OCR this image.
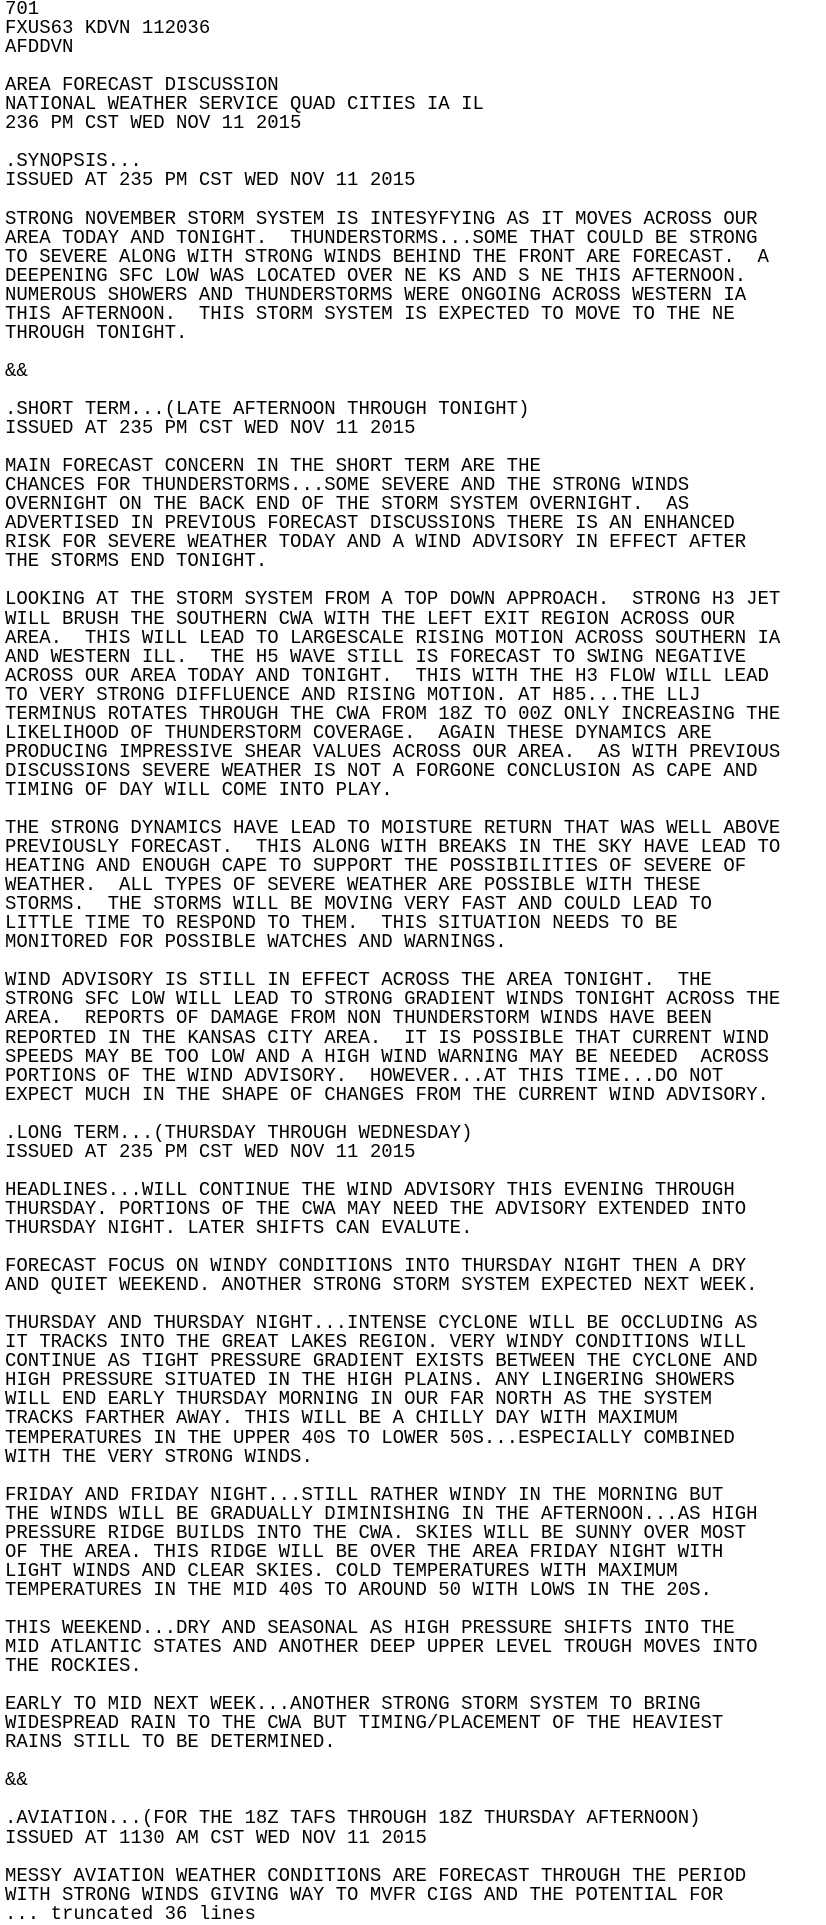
701
FXUS63 KDVN 112036
AFDDVN

AREA FORECAST DISCUSSION
NATIONAL WEATHER SERVICE QUAD CITIES IA IL
236 PM CST WED NOV 11 2015

.SYNOPSIS...
ISSUED AT 235 PM CST WED NOV 11 2015

STRONG NOVEMBER STORM SYSTEM IS INTESYFYING AS IT MOVES ACROSS OUR
AREA TODAY AND TONIGHT.  THUNDERSTORMS...SOME THAT COULD BE STRONG
TO SEVERE ALONG WITH STRONG WINDS BEHIND THE FRONT ARE FORECAST.  A
DEEPENING SFC LOW WAS LOCATED OVER NE KS AND S NE THIS AFTERNOON.
NUMEROUS SHOWERS AND THUNDERSTORMS WERE ONGOING ACROSS WESTERN IA
THIS AFTERNOON.  THIS STORM SYSTEM IS EXPECTED TO MOVE TO THE NE
THROUGH TONIGHT.

&&

.SHORT TERM...(LATE AFTERNOON THROUGH TONIGHT)
ISSUED AT 235 PM CST WED NOV 11 2015

MAIN FORECAST CONCERN IN THE SHORT TERM ARE THE
CHANCES FOR THUNDERSTORMS...SOME SEVERE AND THE STRONG WINDS
OVERNIGHT ON THE BACK END OF THE STORM SYSTEM OVERNIGHT.  AS
ADVERTISED IN PREVIOUS FORECAST DISCUSSIONS THERE IS AN ENHANCED
RISK FOR SEVERE WEATHER TODAY AND A WIND ADVISORY IN EFFECT AFTER
THE STORMS END TONIGHT.

LOOKING AT THE STORM SYSTEM FROM A TOP DOWN APPROACH.  STRONG H3 JET
WILL BRUSH THE SOUTHERN CWA WITH THE LEFT EXIT REGION ACROSS OUR
AREA.  THIS WILL LEAD TO LARGESCALE RISING MOTION ACROSS SOUTHERN IA
AND WESTERN ILL.  THE H5 WAVE STILL IS FORECAST TO SWING NEGATIVE
ACROSS OUR AREA TODAY AND TONIGHT.  THIS WITH THE H3 FLOW WILL LEAD
TO VERY STRONG DIFFLUENCE AND RISING MOTION. AT H85...THE LLJ
TERMINUS ROTATES THROUGH THE CWA FROM 18Z TO 00Z ONLY INCREASING THE
LIKELIHOOD OF THUNDERSTORM COVERAGE.  AGAIN THESE DYNAMICS ARE
PRODUCING IMPRESSIVE SHEAR VALUES ACROSS OUR AREA.  AS WITH PREVIOUS
DISCUSSIONS SEVERE WEATHER IS NOT A FORGONE CONCLUSION AS CAPE AND
TIMING OF DAY WILL COME INTO PLAY.

THE STRONG DYNAMICS HAVE LEAD TO MOISTURE RETURN THAT WAS WELL ABOVE
PREVIOUSLY FORECAST.  THIS ALONG WITH BREAKS IN THE SKY HAVE LEAD TO
HEATING AND ENOUGH CAPE TO SUPPORT THE POSSIBILITIES OF SEVERE OF
WEATHER.  ALL TYPES OF SEVERE WEATHER ARE POSSIBLE WITH THESE
STORMS.  THE STORMS WILL BE MOVING VERY FAST AND COULD LEAD TO
LITTLE TIME TO RESPOND TO THEM.  THIS SITUATION NEEDS TO BE
MONITORED FOR POSSIBLE WATCHES AND WARNINGS.

WIND ADVISORY IS STILL IN EFFECT ACROSS THE AREA TONIGHT.  THE
STRONG SFC LOW WILL LEAD TO STRONG GRADIENT WINDS TONIGHT ACROSS THE
AREA.  REPORTS OF DAMAGE FROM NON THUNDERSTORM WINDS HAVE BEEN
REPORTED IN THE KANSAS CITY AREA.  IT IS POSSIBLE THAT CURRENT WIND
SPEEDS MAY BE TOO LOW AND A HIGH WIND WARNING MAY BE NEEDED  ACROSS
PORTIONS OF THE WIND ADVISORY.  HOWEVER...AT THIS TIME...DO NOT
EXPECT MUCH IN THE SHAPE OF CHANGES FROM THE CURRENT WIND ADVISORY.

.LONG TERM...(THURSDAY THROUGH WEDNESDAY)
ISSUED AT 235 PM CST WED NOV 11 2015

HEADLINES...WILL CONTINUE THE WIND ADVISORY THIS EVENING THROUGH
THURSDAY. PORTIONS OF THE CWA MAY NEED THE ADVISORY EXTENDED INTO
THURSDAY NIGHT. LATER SHIFTS CAN EVALUTE.

FORECAST FOCUS ON WINDY CONDITIONS INTO THURSDAY NIGHT THEN A DRY
AND QUIET WEEKEND. ANOTHER STRONG STORM SYSTEM EXPECTED NEXT WEEK.

THURSDAY AND THURSDAY NIGHT...INTENSE CYCLONE WILL BE OCCLUDING AS
IT TRACKS INTO THE GREAT LAKES REGION. VERY WINDY CONDITIONS WILL
CONTINUE AS TIGHT PRESSURE GRADIENT EXISTS BETWEEN THE CYCLONE AND
HIGH PRESSURE SITUATED IN THE HIGH PLAINS. ANY LINGERING SHOWERS
WILL END EARLY THURSDAY MORNING IN OUR FAR NORTH AS THE SYSTEM
TRACKS FARTHER AWAY. THIS WILL BE A CHILLY DAY WITH MAXIMUM
TEMPERATURES IN THE UPPER 40S TO LOWER 50S...ESPECIALLY COMBINED
WITH THE VERY STRONG WINDS.

FRIDAY AND FRIDAY NIGHT...STILL RATHER WINDY IN THE MORNING BUT
THE WINDS WILL BE GRADUALLY DIMINISHING IN THE AFTERNOON...AS HIGH
PRESSURE RIDGE BUILDS INTO THE CWA. SKIES WILL BE SUNNY OVER MOST
OF THE AREA. THIS RIDGE WILL BE OVER THE AREA FRIDAY NIGHT WITH
LIGHT WINDS AND CLEAR SKIES. COLD TEMPERATURES WITH MAXIMUM
TEMPERATURES IN THE MID 40S TO AROUND 50 WITH LOWS IN THE 20S.

THIS WEEKEND...DRY AND SEASONAL AS HIGH PRESSURE SHIFTS INTO THE
MID ATLANTIC STATES AND ANOTHER DEEP UPPER LEVEL TROUGH MOVES INTO
THE ROCKIES.

EARLY TO MID NEXT WEEK...ANOTHER STRONG STORM SYSTEM TO BRING
WIDESPREAD RAIN TO THE CWA BUT TIMING/PLACEMENT OF THE HEAVIEST
RAINS STILL TO BE DETERMINED.

&&

.AVIATION...(FOR THE 18Z TAFS THROUGH 18Z THURSDAY AFTERNOON)
ISSUED AT 1130 AM CST WED NOV 11 2015

MESSY AVIATION WEATHER CONDITIONS ARE FORECAST THROUGH THE PERIOD
WITH STRONG WINDS GIVING WAY TO MVFR CIGS AND THE POTENTIAL FOR

... truncated 36 lines
